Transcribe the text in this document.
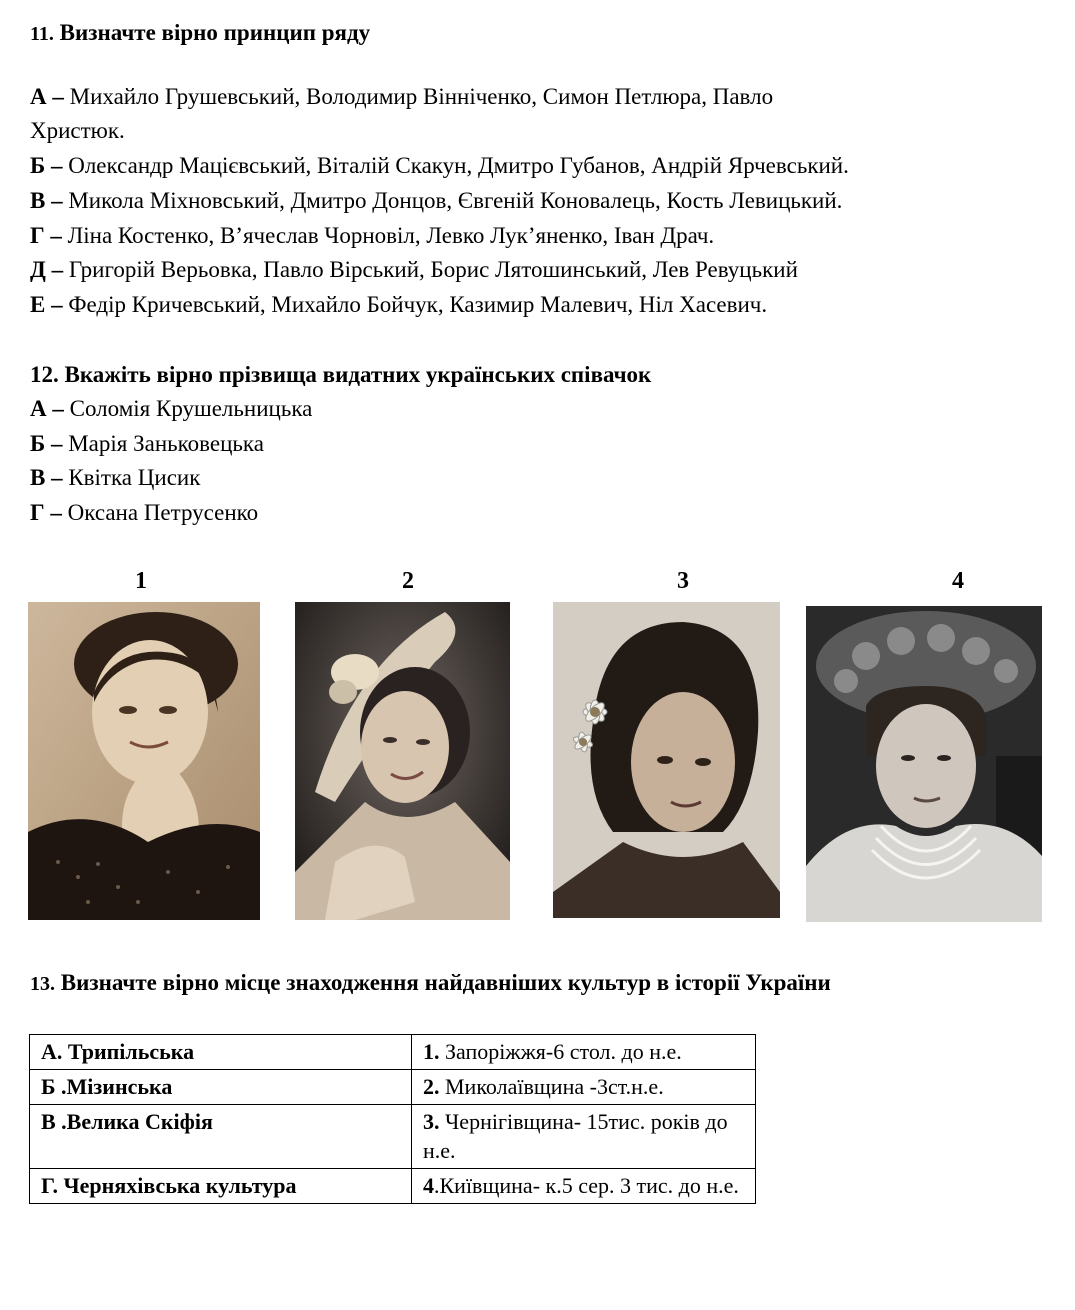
11. Визначте вірно принцип ряду
А – Михайло Грушевський, Володимир Вінніченко, Симон Петлюра, Павло
Христюк.
Б – Олександр Мацієвський, Віталій Скакун, Дмитро Губанов, Андрій Ярчевський.
В – Микола Міхновський, Дмитро Донцов, Євгеній Коновалець, Кость Левицький.
Г – Ліна Костенко, В’ячеслав Чорновіл, Левко Лук’яненко, Іван Драч.
Д – Григорій Верьовка, Павло Вірський, Борис Лятошинський, Лев Ревуцький
Е – Федір Кричевський, Михайло Бойчук, Казимир Малевич, Ніл Хасевич.
12. Вкажіть вірно прізвища видатних українських співачок
А – Соломія Крушельницька
Б – Марія Заньковецька
В – Квітка Цисик
Г – Оксана Петрусенко
1	2	3	4
13. Визначте вірно місце знаходження найдавніших культур в історії України
А. Трипільська	1. Запоріжжя-6 стол. до н.е.
Б .Мізинська	2. Миколаївщина -3ст.н.е.
В .Велика Скіфія	3. Чернігівщина- 15тис. років до н.е.
Г. Черняхівська культура	4.Київщина- к.5 сер. 3 тис. до н.е.
